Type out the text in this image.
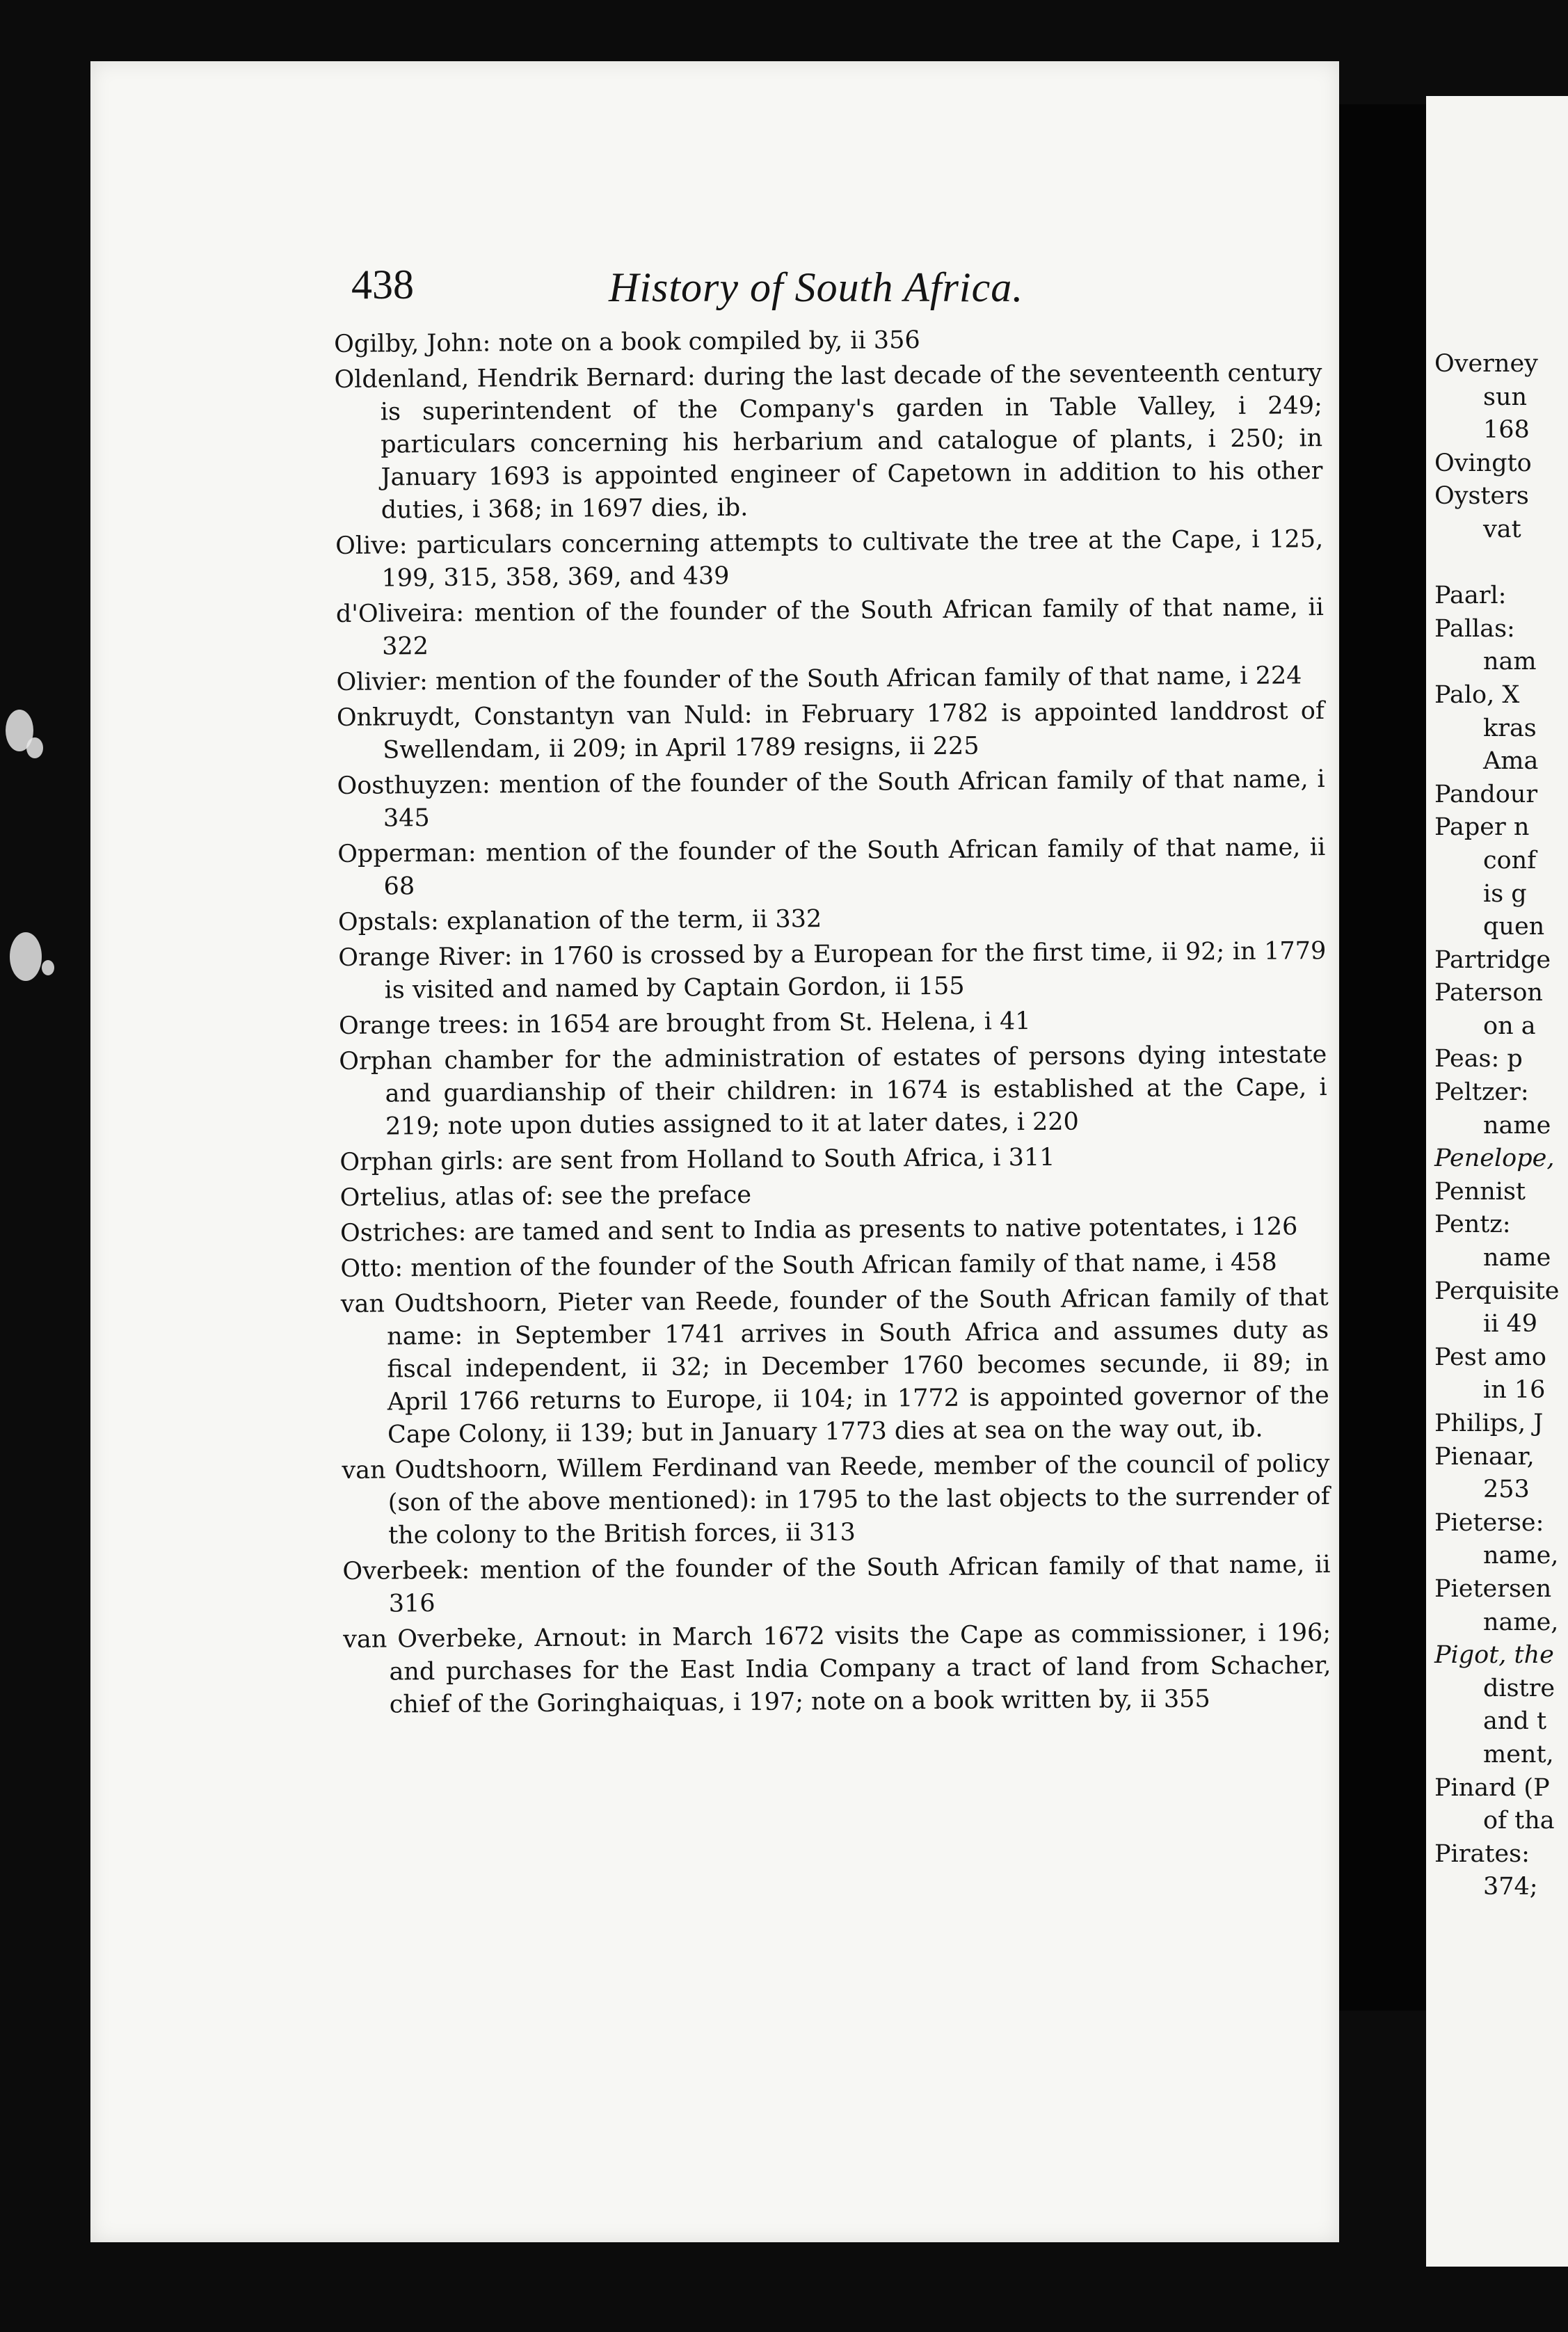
438	History of South Africa.
Ogilby, John: note on a book compiled by, ii 356
Oldenland, Hendrik Bernard: during the last decade of the seventeenth century is superintendent of the Company's garden in Table Valley, i 249; particulars concerning his herbarium and catalogue of plants, i 250; in January 1693 is appointed engineer of Capetown in addition to his other duties, i 368; in 1697 dies, ib.
Olive: particulars concerning attempts to cultivate the tree at the Cape, i 125, 199, 315, 358, 369, and 439
d'Oliveira: mention of the founder of the South African family of that name, ii 322
Olivier: mention of the founder of the South African family of that name, i 224
Onkruydt, Constantyn van Nuld: in February 1782 is appointed landdrost of Swellendam, ii 209; in April 1789 resigns, ii 225
Oosthuyzen: mention of the founder of the South African family of that name, i 345
Opperman: mention of the founder of the South African family of that name, ii 68
Opstals: explanation of the term, ii 332
Orange River: in 1760 is crossed by a European for the first time, ii 92; in 1779 is visited and named by Captain Gordon, ii 155
Orange trees: in 1654 are brought from St. Helena, i 41
Orphan chamber for the administration of estates of persons dying intestate and guardianship of their children: in 1674 is established at the Cape, i 219; note upon duties assigned to it at later dates, i 220
Orphan girls: are sent from Holland to South Africa, i 311
Ortelius, atlas of: see the preface
Ostriches: are tamed and sent to India as presents to native potentates, i 126
Otto: mention of the founder of the South African family of that name, i 458
van Oudtshoorn, Pieter van Reede, founder of the South African family of that name: in September 1741 arrives in South Africa and assumes duty as fiscal independent, ii 32; in December 1760 becomes secunde, ii 89; in April 1766 returns to Europe, ii 104; in 1772 is appointed governor of the Cape Colony, ii 139; but in January 1773 dies at sea on the way out, ib.
van Oudtshoorn, Willem Ferdinand van Reede, member of the council of policy (son of the above mentioned): in 1795 to the last objects to the surrender of the colony to the British forces, ii 313
Overbeek: mention of the founder of the South African family of that name, ii 316
van Overbeke, Arnout: in March 1672 visits the Cape as commissioner, i 196; and purchases for the East India Company a tract of land from Schacher, chief of the Goringhaiquas, i 197; note on a book written by, ii 355
Overney
sun
168
Ovingto
Oysters
vat
Paarl:
Pallas:
nam
Palo, X
kras
Ama
Pandour
Paper n
conf
is g
quen
Partridge
Paterson
on a
Peas: p
Peltzer:
name
Penelope,
Pennist
Pentz:
name
Perquisite
ii 49
Pest amo
in 16
Philips, J
Pienaar,
253
Pieterse:
name,
Pietersen
name,
Pigot, the
distre
and t
ment,
Pinard (P
of tha
Pirates:
374;
